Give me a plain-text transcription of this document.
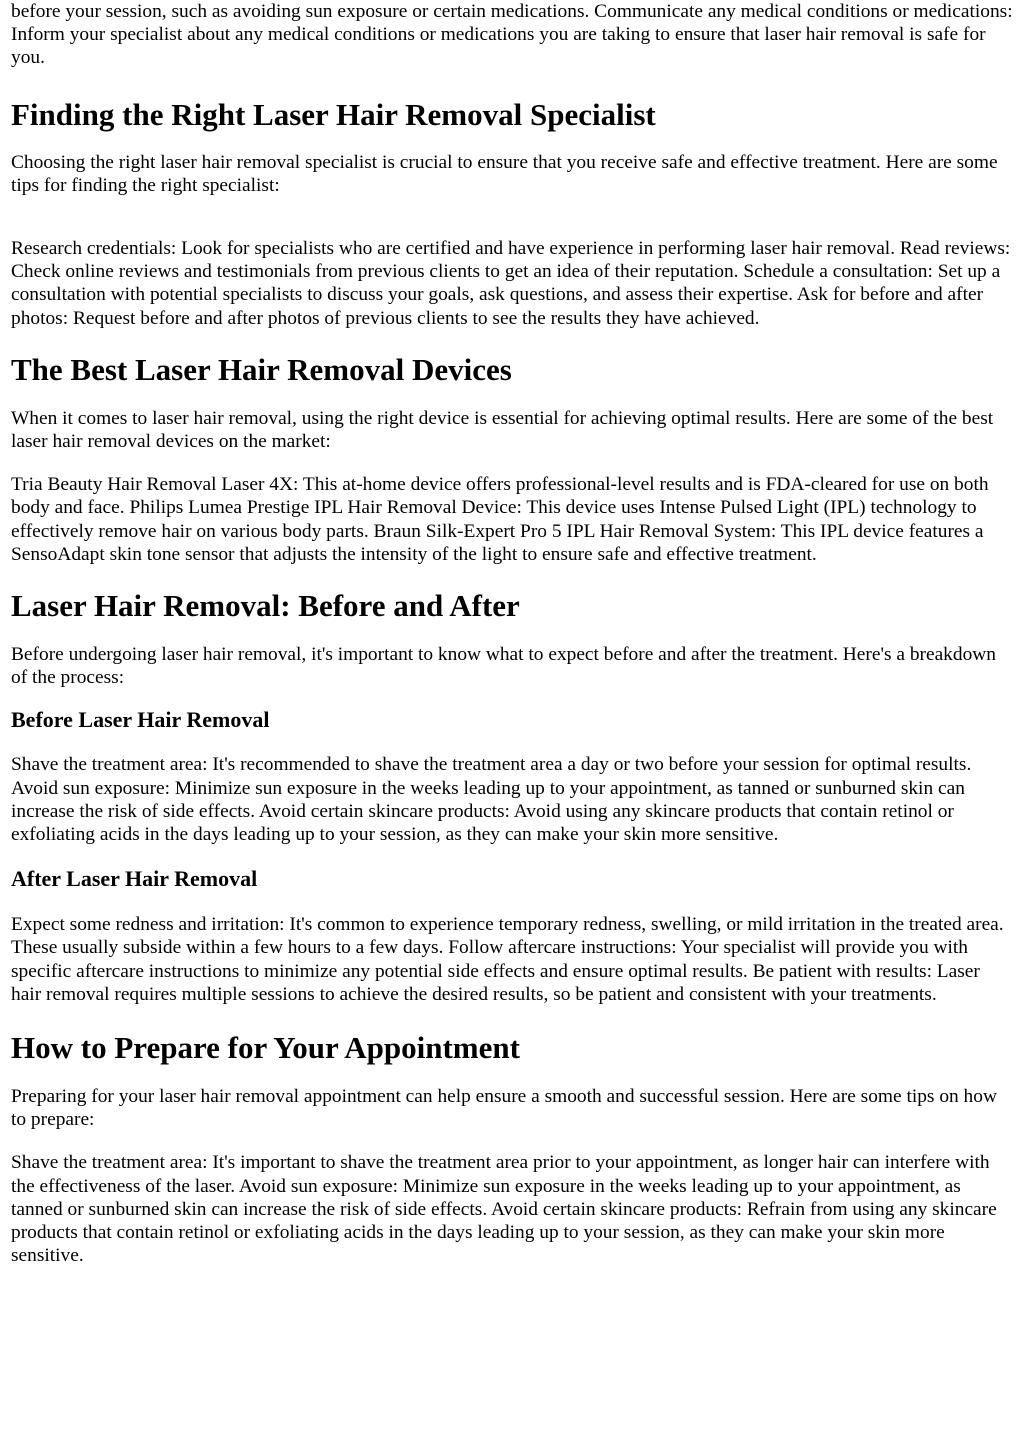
before your session, such as avoiding sun exposure or certain medications. Communicate any medical conditions or medications: Inform your specialist about any medical conditions or medications you are taking to ensure that laser hair removal is safe for you.

Finding the Right Laser Hair Removal Specialist

Choosing the right laser hair removal specialist is crucial to ensure that you receive safe and effective treatment. Here are some tips for finding the right specialist:

Research credentials: Look for specialists who are certified and have experience in performing laser hair removal. Read reviews: Check online reviews and testimonials from previous clients to get an idea of their reputation. Schedule a consultation: Set up a consultation with potential specialists to discuss your goals, ask questions, and assess their expertise. Ask for before and after photos: Request before and after photos of previous clients to see the results they have achieved.

The Best Laser Hair Removal Devices

When it comes to laser hair removal, using the right device is essential for achieving optimal results. Here are some of the best laser hair removal devices on the market:

Tria Beauty Hair Removal Laser 4X: This at-home device offers professional-level results and is FDA-cleared for use on both body and face. Philips Lumea Prestige IPL Hair Removal Device: This device uses Intense Pulsed Light (IPL) technology to effectively remove hair on various body parts. Braun Silk-Expert Pro 5 IPL Hair Removal System: This IPL device features a SensoAdapt skin tone sensor that adjusts the intensity of the light to ensure safe and effective treatment.

Laser Hair Removal: Before and After

Before undergoing laser hair removal, it's important to know what to expect before and after the treatment. Here's a breakdown of the process:

Before Laser Hair Removal

Shave the treatment area: It's recommended to shave the treatment area a day or two before your session for optimal results. Avoid sun exposure: Minimize sun exposure in the weeks leading up to your appointment, as tanned or sunburned skin can increase the risk of side effects. Avoid certain skincare products: Avoid using any skincare products that contain retinol or exfoliating acids in the days leading up to your session, as they can make your skin more sensitive.

After Laser Hair Removal

Expect some redness and irritation: It's common to experience temporary redness, swelling, or mild irritation in the treated area. These usually subside within a few hours to a few days. Follow aftercare instructions: Your specialist will provide you with specific aftercare instructions to minimize any potential side effects and ensure optimal results. Be patient with results: Laser hair removal requires multiple sessions to achieve the desired results, so be patient and consistent with your treatments.

How to Prepare for Your Appointment

Preparing for your laser hair removal appointment can help ensure a smooth and successful session. Here are some tips on how to prepare:

Shave the treatment area: It's important to shave the treatment area prior to your appointment, as longer hair can interfere with the effectiveness of the laser. Avoid sun exposure: Minimize sun exposure in the weeks leading up to your appointment, as tanned or sunburned skin can increase the risk of side effects. Avoid certain skincare products: Refrain from using any skincare products that contain retinol or exfoliating acids in the days leading up to your session, as they can make your skin more sensitive.
